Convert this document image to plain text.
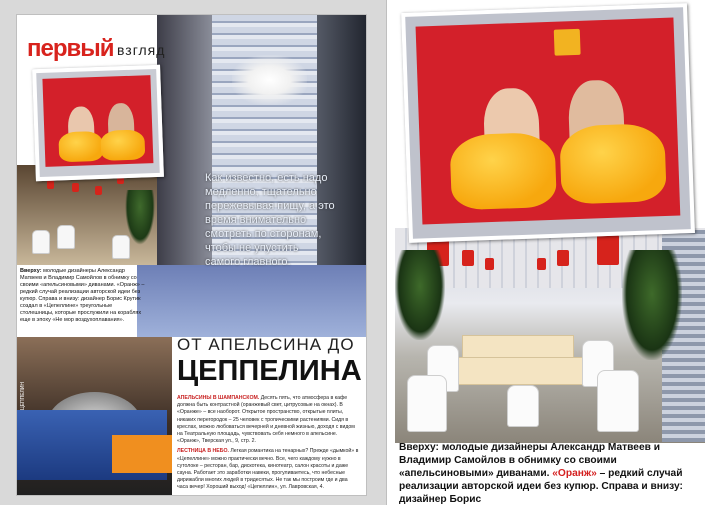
первый взгляд
Как известно, есть надо медленно, тщательно пережевывая пищу, а это время внимательно смотреть по сторонам, чтобы не упустить самого главного.
Вверху: молодые дизайнеры Александр Матвеев и Владимир Самойлов в обнимку со своими «апельсиновыми» диванами. «Оранж» – редкий случай реализации авторской идеи без купюр. Справа и внизу: дизайнер Борис Крутик создал в «Цепеллине» треугольные столешницы, которые прослужили на кораблях еще в эпоху «Не мор воздухоплавания».
ЦЕППЕЛИН
ОТ АПЕЛЬСИНА ДО
ЦЕППЕЛИНА

АПЕЛЬСИНЫ В ШАМПАНСКОМ. Десять пять, что атмосфера в кафе должна быть контрастной (оранжевый свет, цитрусовые на окнах). В «Оранже» – все наоборот. Открытое пространство, открытые плиты, никаких перегородок – 25 человек с тропическими растениями. Сидя в креслах, можно любоваться вечерней и дневной жизнью, доходя с видом на Театральную площадь, чувствовать себя немного в апельсине. «Оранж», Тверская ул., 9, стр. 2.

ЛЕСТНИЦА В НЕБО. Легкая романтика на тенарных? Прежде «дымкой» в «Цепеллине» можно практически вечно. Все, чего каждому нужно в сутолоке – ресторан, бар, дискотека, кинотеатр, салон красоты и даже сауна. Работает это заработки навеки, прогуливаетесь, что небесные дирижабли многих людей в тридесятых. Не так мы построим где и два часа вечер! Хороший выход! «Цепеллин», ул. Лавровская, 4.

Вверху: молодые дизайнеры Александр Матвеев и Владимир Самойлов в обнимку со своими «апельсиновыми» диванами. «Оранж» – редкий случай реализации авторской идеи без купюр. Справа и внизу: дизайнер Борис
